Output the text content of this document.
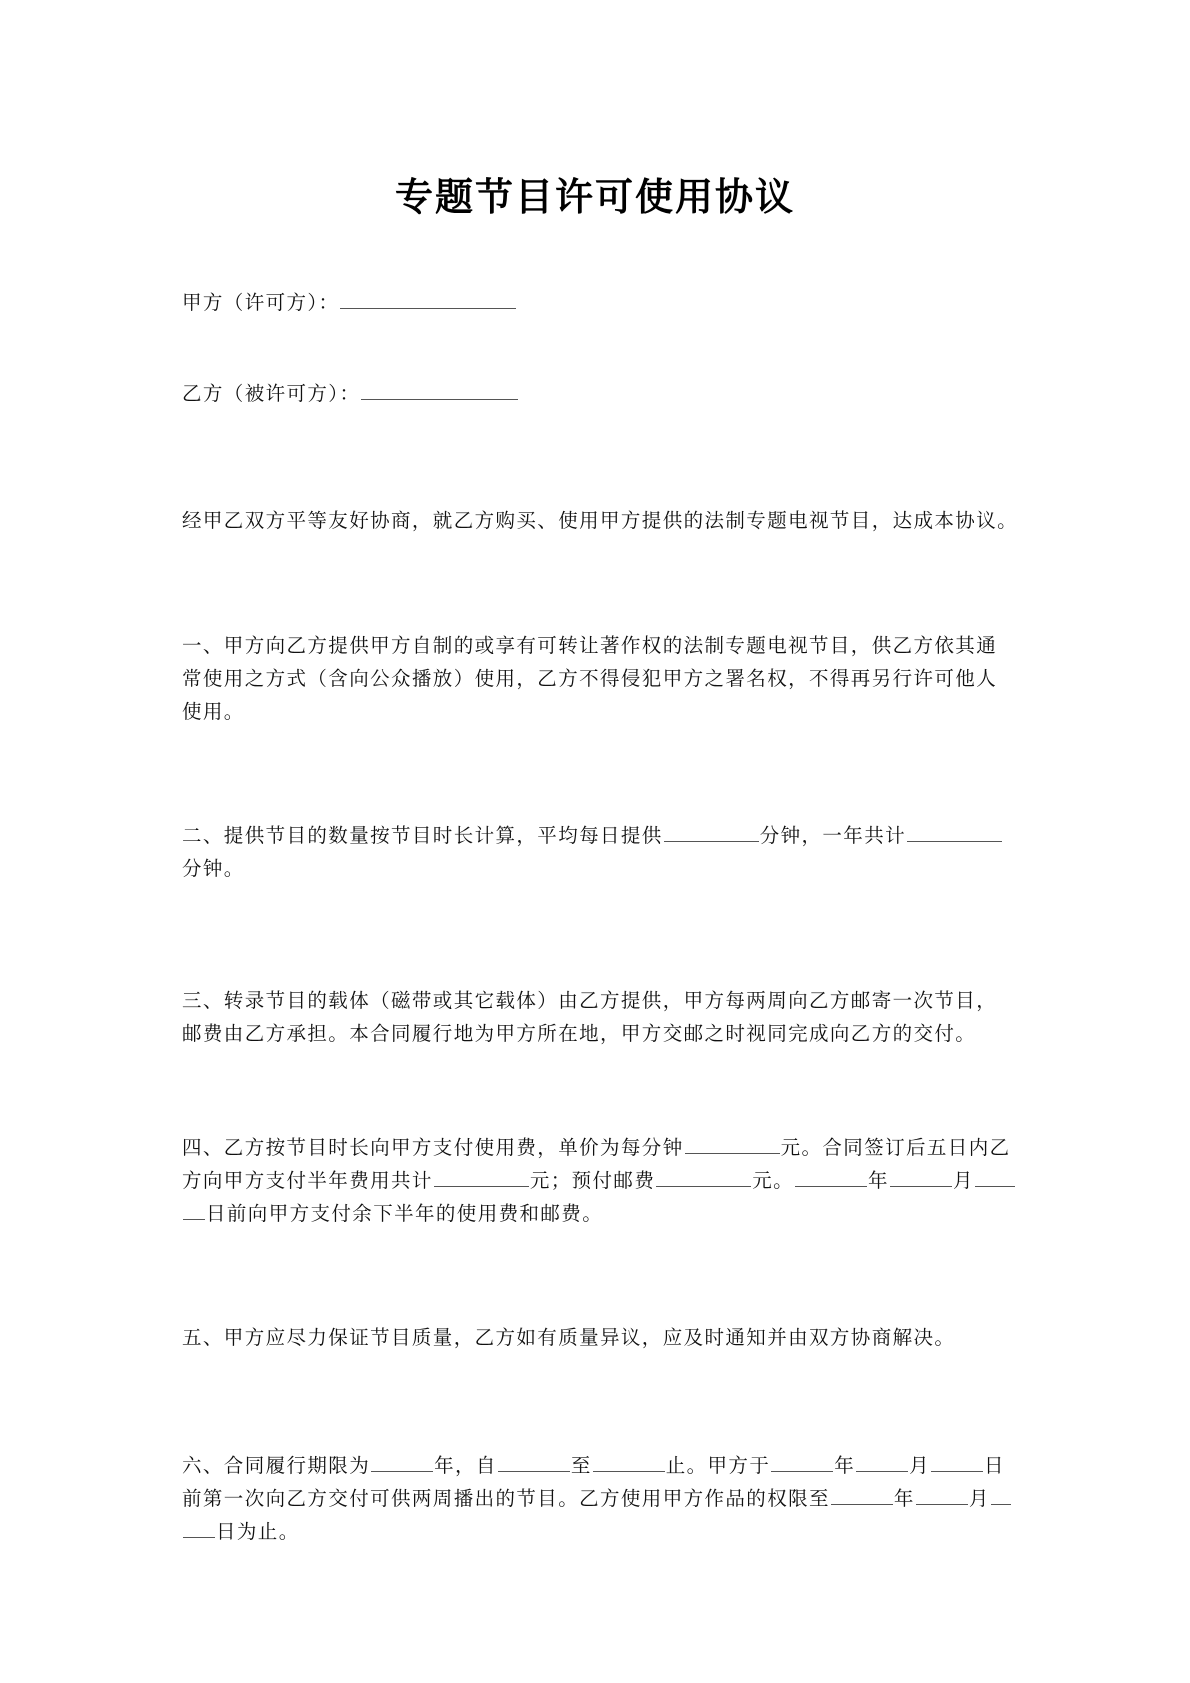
专题节目许可使用协议
甲方（许可方）：
乙方（被许可方）：
经甲乙双方平等友好协商，就乙方购买、使用甲方提供的法制专题电视节目，达成本协议。
一、甲方向乙方提供甲方自制的或享有可转让著作权的法制专题电视节目，供乙方依其通
常使用之方式（含向公众播放）使用，乙方不得侵犯甲方之署名权，不得再另行许可他人
使用。
二、提供节目的数量按节目时长计算，平均每日提供	分钟，一年共计
分钟。
三、转录节目的载体（磁带或其它载体）由乙方提供，甲方每两周向乙方邮寄一次节目，
邮费由乙方承担。本合同履行地为甲方所在地，甲方交邮之时视同完成向乙方的交付。
四、乙方按节目时长向甲方支付使用费，单价为每分钟	元。合同签订后五日内乙
方向甲方支付半年费用共计	元；预付邮费	元。	年	月
日前向甲方支付余下半年的使用费和邮费。
五、甲方应尽力保证节目质量，乙方如有质量异议，应及时通知并由双方协商解决。
六、合同履行期限为	年，自	至	止。甲方于	年	月	日
前第一次向乙方交付可供两周播出的节目。乙方使用甲方作品的权限至	年	月
日为止。
